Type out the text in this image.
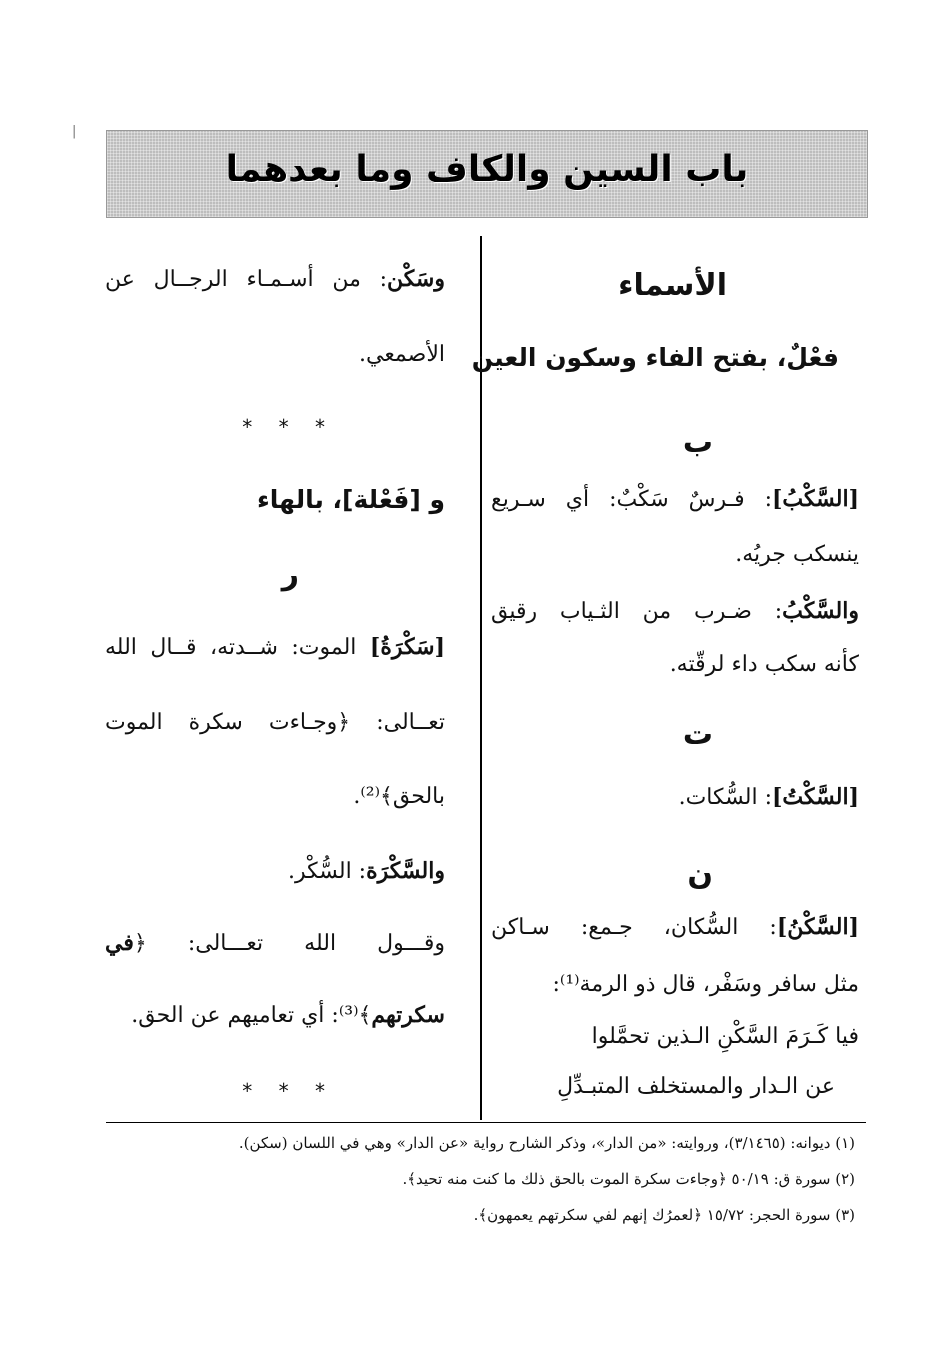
|
باب السين والكاف وما بعدهما
الأسماء
فعْلٌ، بفتح الفاء وسكون العين
ب
[السَّكْبُ]: فـرسٌ سَكْبٌ: أي سـريع
ينسكب جريُه.
والسَّكْبُ: ضـرب من الثـياب رقيق
كأنه سكب داء لرقّته.
ت
[السَّكْتُ]: السُّكات.
ن
[السَّكْنُ]: السُّكان، جـمع: سـاكن
مثل سافر وسَفْر، قال ذو الرمة⁽¹⁾:
فيا كَـرَمَ السَّكْنِ الـذين تحمَّلوا
عن الـدار والمستخلف المتبـدِّلِ
وسَكْن: من أسـمـاء الرجــال عن
الأصمعي.
* * *
و [فَعْلة]، بالهاء
ر
[سَكْرَةُ] الموت: شــدته، قــال الله
تعــالى: ﴿وجـاءت سكرة الموت
بالحق﴾⁽²⁾.
والسَّكْرَة: السُّكْر.
وقـــول الله تعـــالى: ﴿في
سكرتهم﴾⁽³⁾: أي تعاميهم عن الحق.
* * *
(١) ديوانه: (٣/١٤٦٥)، وروايته: «من الدار»، وذكر الشارح رواية «عن الدار» وهي في اللسان (سكن).
(٢) سورة ق: ٥٠/١٩ ﴿وجاءت سكرة الموت بالحق ذلك ما كنت منه تحيد﴾.
(٣) سورة الحجر: ١٥/٧٢ ﴿لعمرُك إنهم لفي سكرتهم يعمهون﴾.
